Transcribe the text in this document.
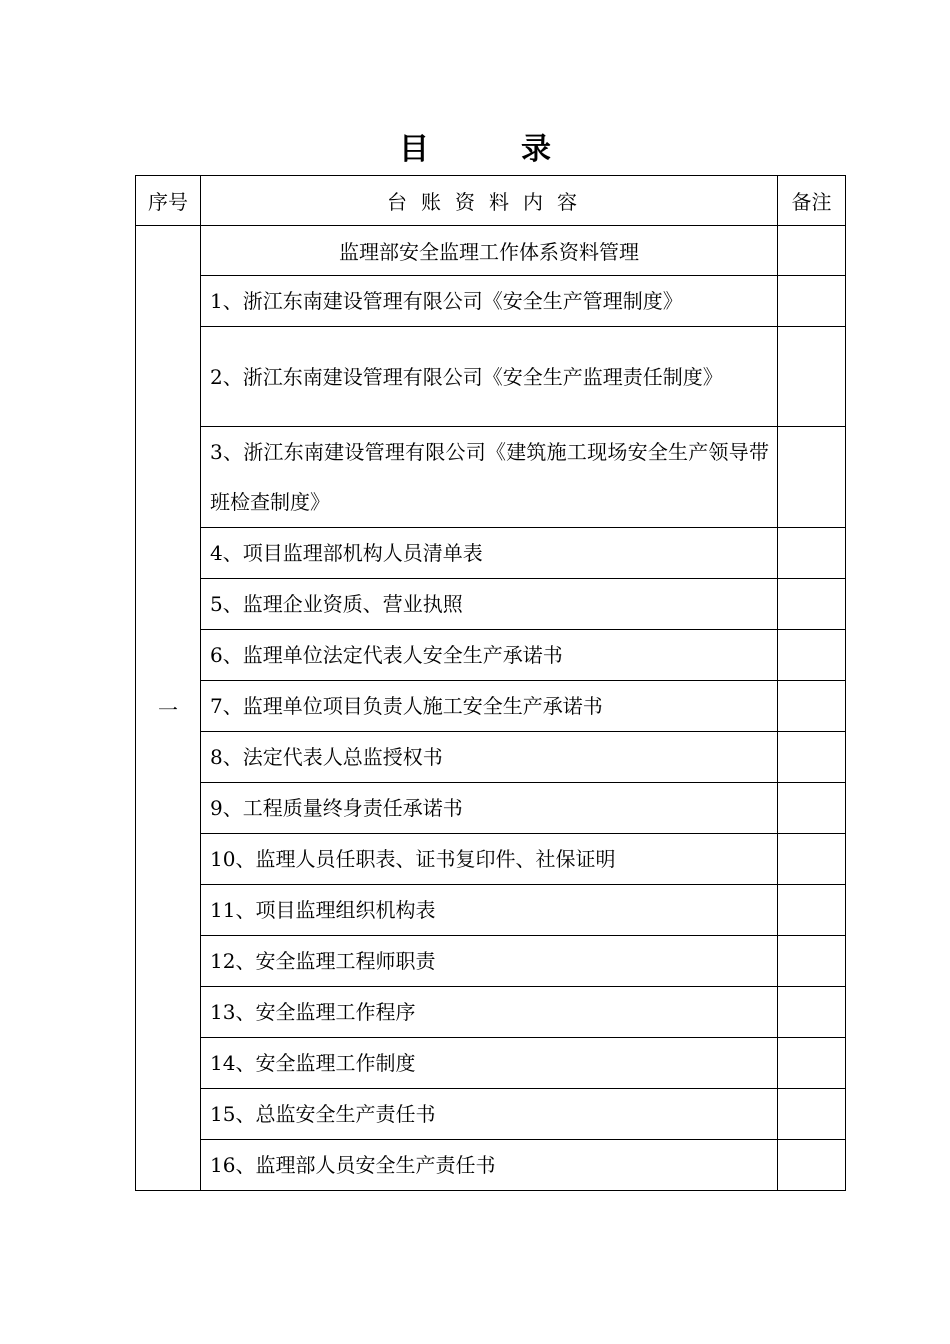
目	录
序号	台账资料内容	备注
一	监理部安全监理工作体系资料管理	
	1、浙江东南建设管理有限公司《安全生产管理制度》	
	2、浙江东南建设管理有限公司《安全生产监理责任制度》	
	3、浙江东南建设管理有限公司《建筑施工现场安全生产领导带班检查制度》	
	4、项目监理部机构人员清单表	
	5、监理企业资质、营业执照	
	6、监理单位法定代表人安全生产承诺书	
	7、监理单位项目负责人施工安全生产承诺书	
	8、法定代表人总监授权书	
	9、工程质量终身责任承诺书	
	10、监理人员任职表、证书复印件、社保证明	
	11、项目监理组织机构表	
	12、安全监理工程师职责	
	13、安全监理工作程序	
	14、安全监理工作制度	
	15、总监安全生产责任书	
	16、监理部人员安全生产责任书	
